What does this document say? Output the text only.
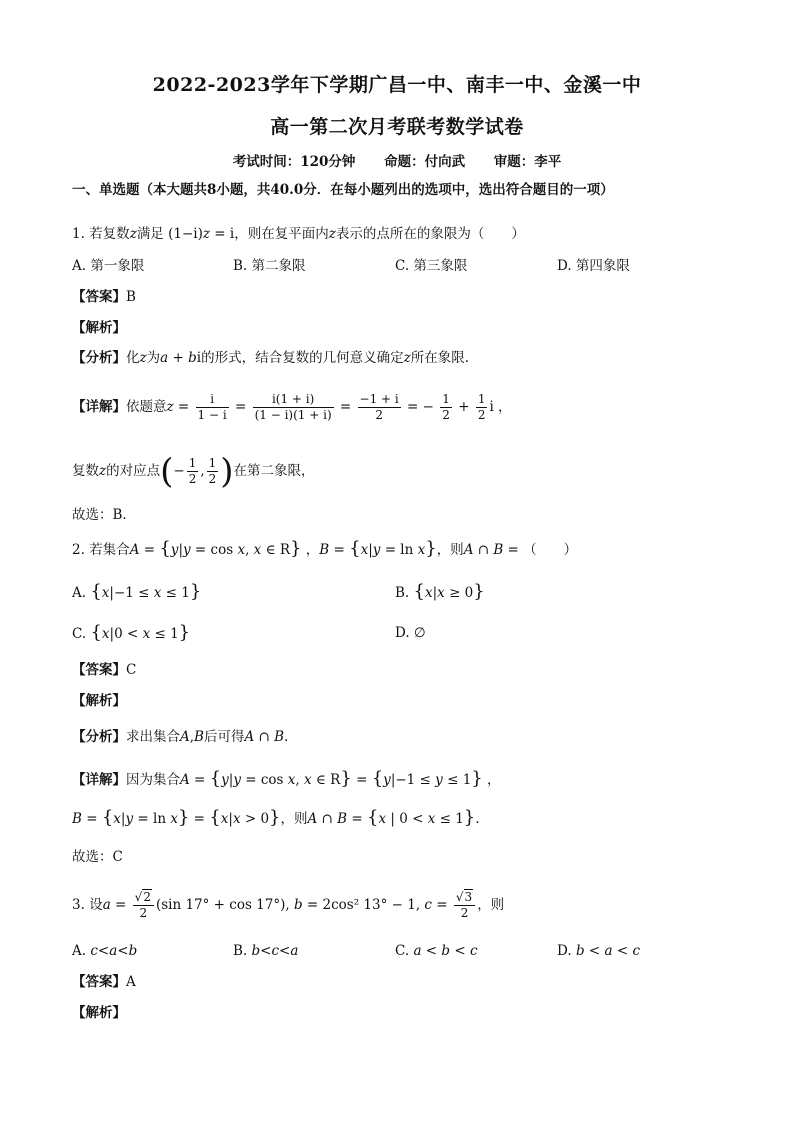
2022-2023学年下学期广昌一中、南丰一中、金溪一中
高一第二次月考联考数学试卷
考试时间：120分钟 命题：付向武 审题：李平
一、单选题（本大题共8小题，共40.0分．在每小题列出的选项中，选出符合题目的一项）
1. 若复数z满足 (1−i)z = i，则在复平面内z表示的点所在的象限为（　　）
A. 第一象限	B. 第二象限	C. 第三象限	D. 第四象限
【答案】B
【解析】
【分析】化z为a + bi的形式，结合复数的几何意义确定z所在象限.
【详解】依题意$z = \frac{i}{1 - i} = \frac{i(1 + i)}{(1 - i)(1 + i)} = \frac{-1 + i}{2}$ = − $\frac{1}{2} + \frac{1}{2}$ i ，
复数z的对应点(− $\frac{1}{2}$ , $\frac{1}{2}$ )在第二象限，
故选：B.
2. 若集合A = {y|y = cos x, x ∈ R} ，B = {x|y = ln x}，则A ∩ B = （　　）
A. {x|−1 ≤ x ≤ 1}	B. {x|x ≥ 0}
C. {x|0 < x ≤ 1}	D. ∅
【答案】C
【解析】
【分析】求出集合A,B后可得A ∩ B.
【详解】因为集合A = {y|y = cos x, x ∈ R} = {y|−1 ≤ y ≤ 1} ，
B = {x|y = ln x} = {x|x > 0}，则A ∩ B = {x | 0 < x ≤ 1}.
故选：C
3. 设$a = \frac{√2}{2} (\sin$ 17° + cos 17°), b = 2cos² 13° − 1, $c = \frac{√3}{2}$ ，则
A. c<a<b	B. b<c<a	C. a < b < c	D. b < a < c
【答案】A
【解析】
